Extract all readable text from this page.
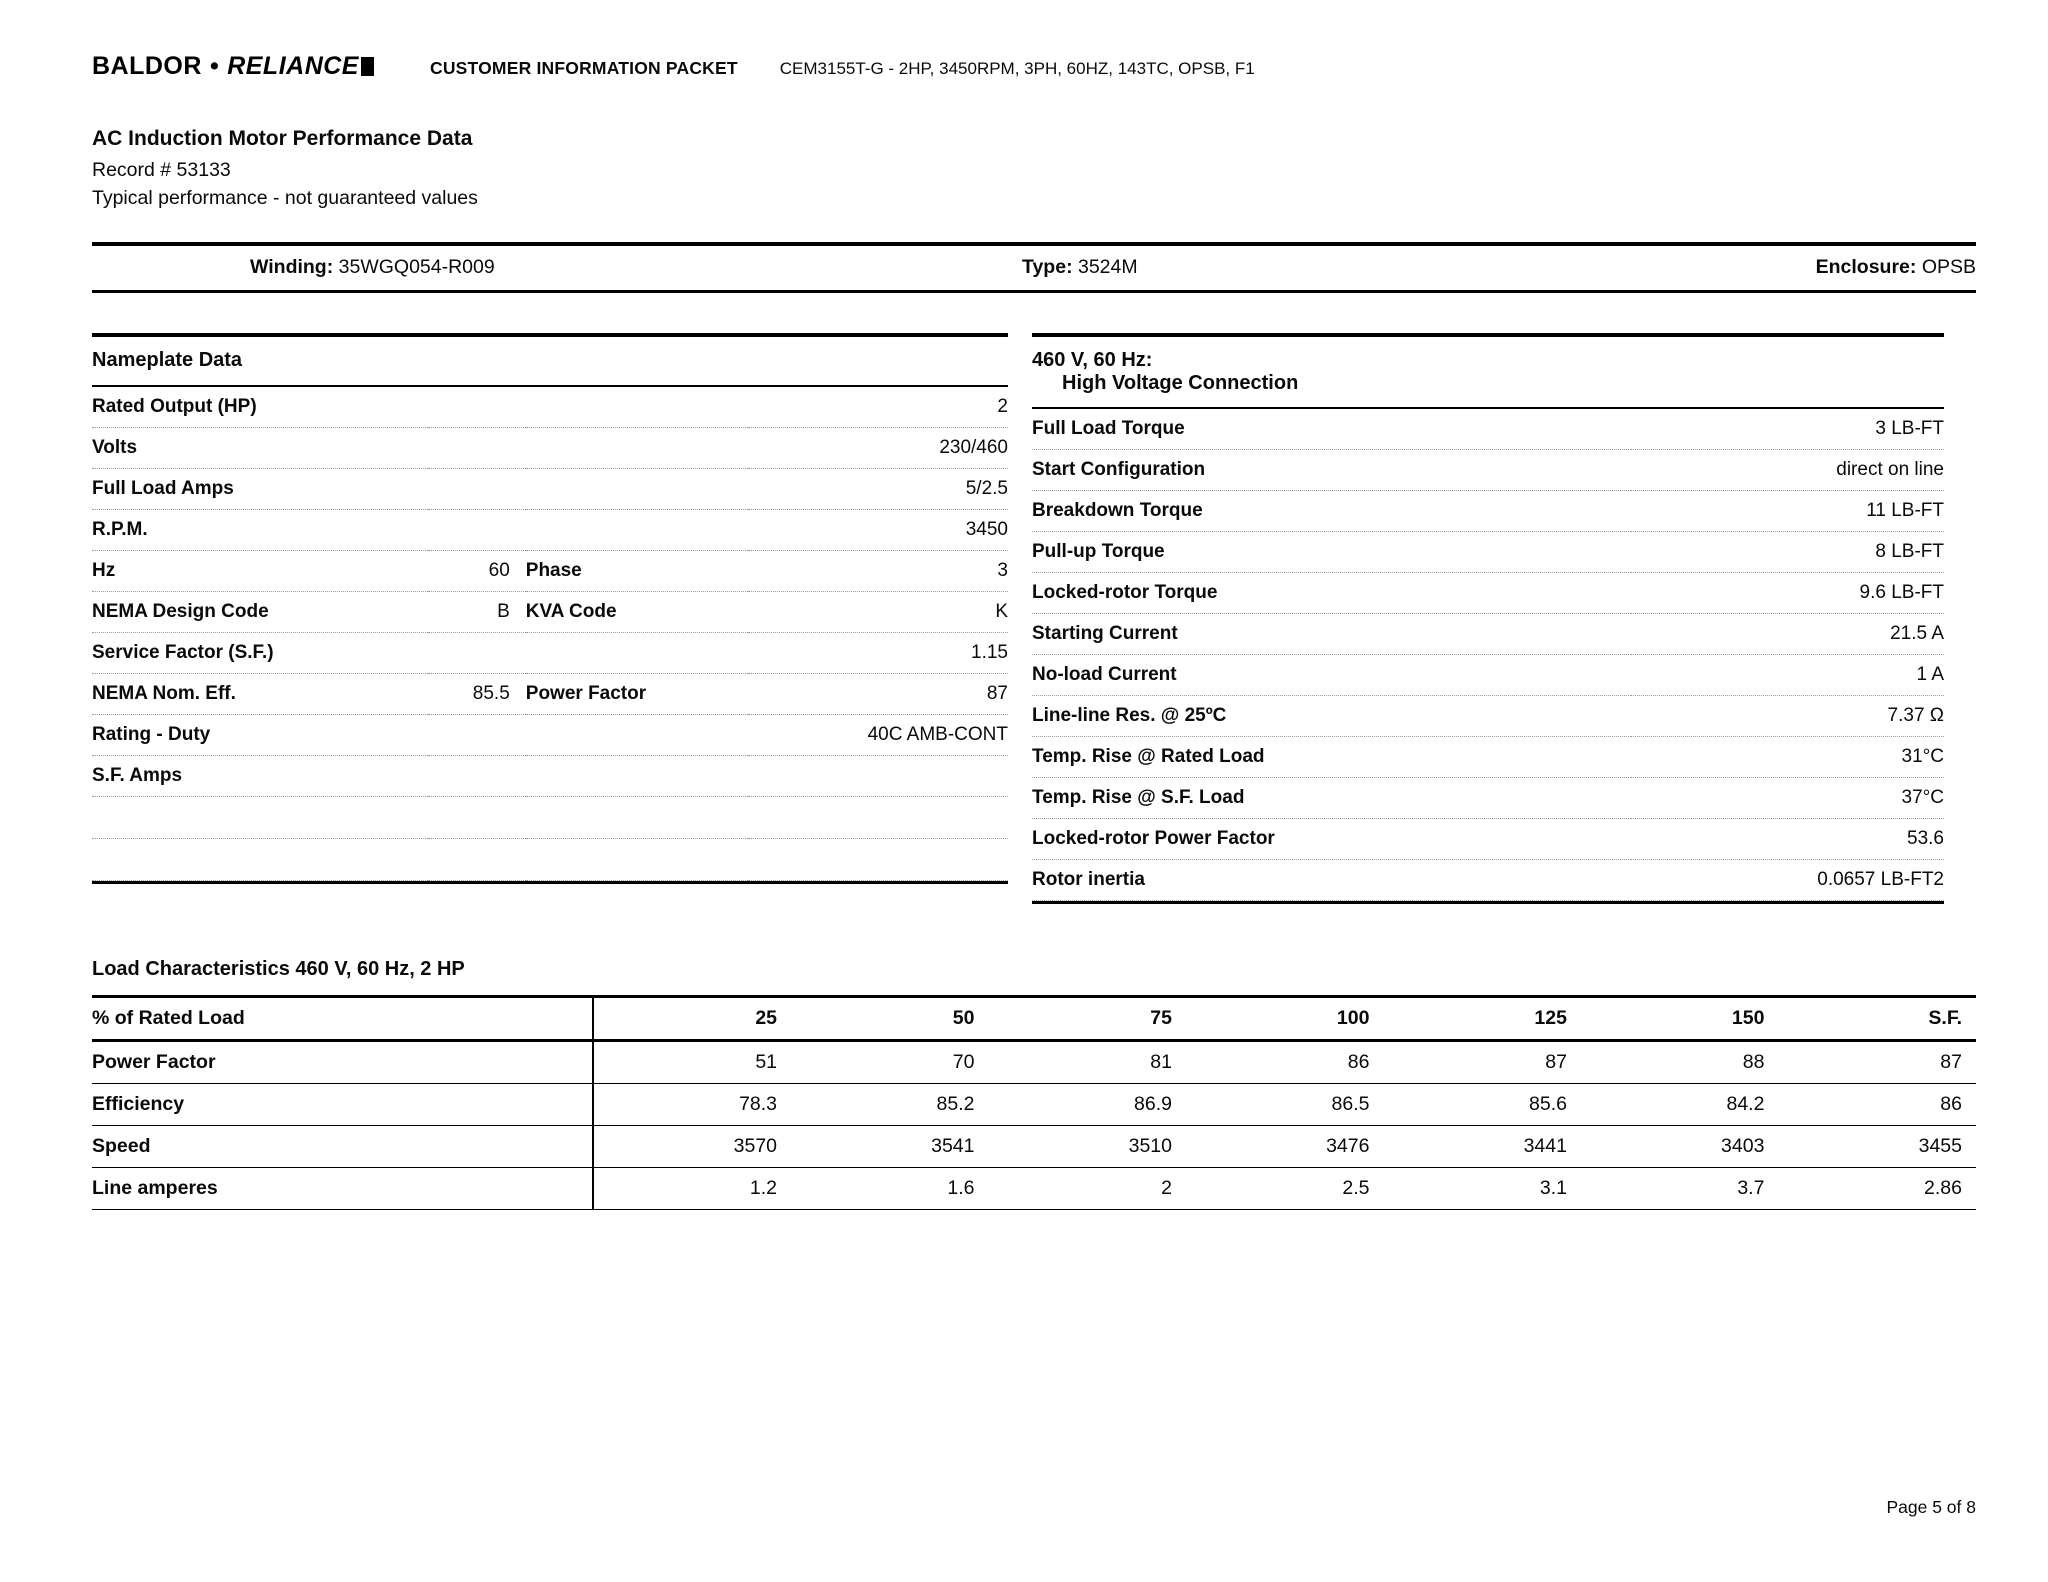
BALDOR • RELIANCE	CUSTOMER INFORMATION PACKET CEM3155T-G - 2HP, 3450RPM, 3PH, 60HZ, 143TC, OPSB, F1
AC Induction Motor Performance Data
Record # 53133
Typical performance - not guaranteed values
Winding: 35WGQ054-R009	Type: 3524M	Enclosure: OPSB
Nameplate Data
Rated Output (HP)			2
Volts			230/460
Full Load Amps			5/2.5
R.P.M.			3450
Hz	60	Phase	3
NEMA Design Code	B	KVA Code	K
Service Factor (S.F.)			1.15
NEMA Nom. Eff.	85.5	Power Factor	87
Rating - Duty			40C AMB-CONT
S.F. Amps			

460 V, 60 Hz:
High Voltage Connection
Full Load Torque	3 LB-FT
Start Configuration	direct on line
Breakdown Torque	11 LB-FT
Pull-up Torque	8 LB-FT
Locked-rotor Torque	9.6 LB-FT
Starting Current	21.5 A
No-load Current	1 A
Line-line Res. @ 25ºC	7.37 Ω
Temp. Rise @ Rated Load	31°C
Temp. Rise @ S.F. Load	37°C
Locked-rotor Power Factor	53.6
Rotor inertia	0.0657 LB-FT2
Load Characteristics 460 V, 60 Hz, 2 HP
% of Rated Load	25	50	75	100	125	150	S.F.
Power Factor	51	70	81	86	87	88	87
Efficiency	78.3	85.2	86.9	86.5	85.6	84.2	86
Speed	3570	3541	3510	3476	3441	3403	3455
Line amperes	1.2	1.6	2	2.5	3.1	3.7	2.86
Page 5 of 8
